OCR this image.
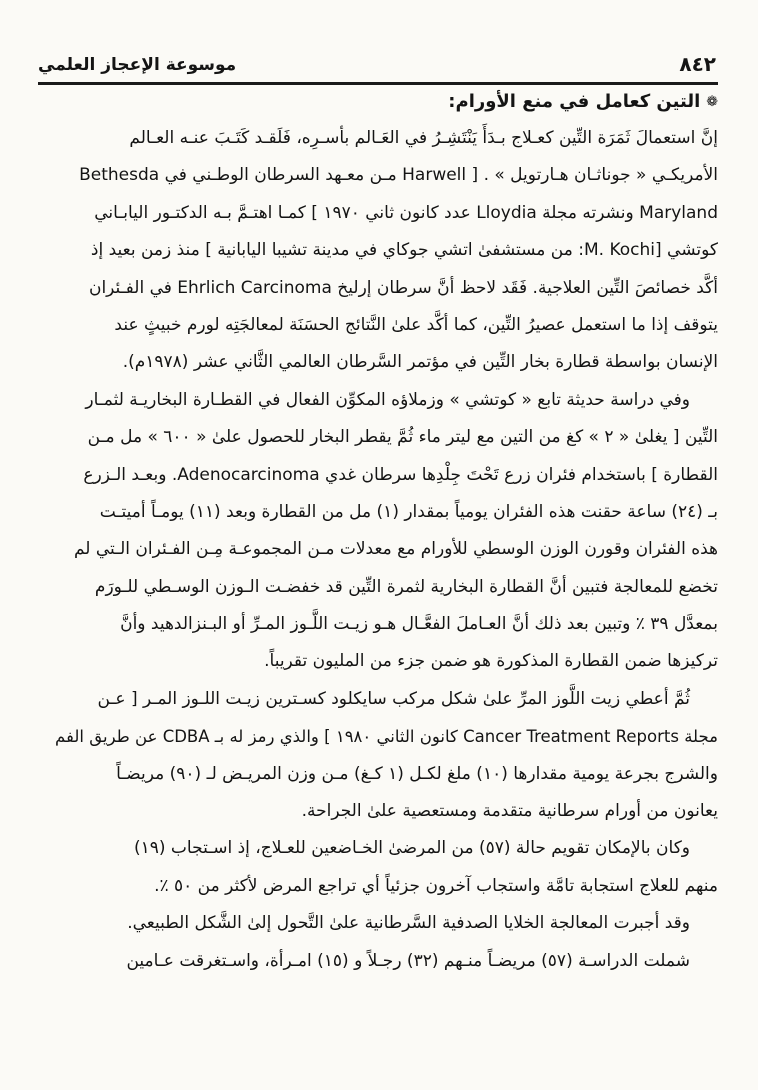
٨٤٢
موسوعة الإعجاز العلمي
❁
التين كعامل في منع الأورام:
إنَّ استعمالَ ثَمَرَة التِّين كعـلاج بـدَأَ يَنْتَشِـرُ في العَـالم بأسـرِه، فَلَقـد كَتَـبَ عنـه العـالم
الأمريكـي « جوناثـان هـارتويل » . [ Harwell مـن معـهد السرطان الوطـني في Bethesda
Maryland ونشرته مجلة Lloydia عدد كانون ثاني ١٩٧٠ ] كمـا اهتـمَّ بـه الدكتـور اليابـاني
كوتشي [M. Kochi: من مستشفىٰ اتشي جوكاي في مدينة تشيبا اليابانية ] منذ زمن بعيد إذ
أكَّد خصائصَ التِّين العلاجية. فَقَد لاحظ أنَّ سرطان إرليخ Ehrlich Carcinoma في الفـئران
يتوقف إذا ما استعمل عصيرُ التِّين، كما أكَّد علىٰ النَّتائج الحسَنَة لمعالجَتِه لورم خبيثٍ عند
الإنسان بواسطة قطارة بخار التِّين في مؤتمر السَّرطان العالمي الثَّاني عشر (١٩٧٨م).
وفي دراسة حديثة تابع « كوتشي » وزملاؤه المكوِّن الفعال في القطـارة البخاريـة لثمـار
التِّين [ يغلىٰ « ٢ » كغ من التين مع ليتر ماء ثُمَّ يقطر البخار للحصول علىٰ « ٦٠٠ » مل مـن
القطارة ] باستخدام فئران زرع تَحْتَ جِلْدِها سرطان غدي Adenocarcinoma. وبعـد الـزرع
بـ (٢٤) ساعة حقنت هذه الفئران يومياً بمقدار (١) مل من القطارة وبعد (١١) يومـاً أميتـت
هذه الفئران وقورن الوزن الوسطي للأورام مع معدلات مـن المجموعـة مِـن الفـئران الـتي لم
تخضع للمعالجة فتبين أنَّ القطارة البخارية لثمرة التِّين قد خفضـت الـوزن الوسـطي للـورَم
بمعدَّل ٣٩ ٪ وتبين بعد ذلك أنَّ العـاملَ الفعَّـال هـو زيـت اللَّـوز المـرِّ أو البـنزالدهيد وأنَّ
تركيزها ضمن القطارة المذكورة هو ضمن جزء من المليون تقريباً.
ثُمَّ أعطي زيت اللَّوز المرِّ علىٰ شكل مركب سايكلود كسـترين زيـت اللـوز المـر [ عـن
مجلة Cancer Treatment Reports كانون الثاني ١٩٨٠ ] والذي رمز له بـ CDBA عن طريق الفم
والشرج بجرعة يومية مقدارها (١٠) ملغ لكـل (١ كـغ) مـن وزن المريـض لـ (٩٠) مريضـاً
يعانون من أورام سرطانية متقدمة ومستعصية علىٰ الجراحة.
وكان بالإمكان تقويم حالة (٥٧) من المرضىٰ الخـاضعين للعـلاج، إذ اسـتجاب (١٩)
منهم للعلاج استجابة تامَّة واستجاب آخرون جزئياً أي تراجع المرض لأكثر من ٥٠ ٪.
وقد أجبرت المعالجة الخلايا الصدفية السَّرطانية علىٰ التَّحول إلىٰ الشَّكل الطبيعي.
شملت الدراسـة (٥٧) مريضـاً منـهم (٣٢) رجـلاً و (١٥) امـرأة، واسـتغرقت عـامين
